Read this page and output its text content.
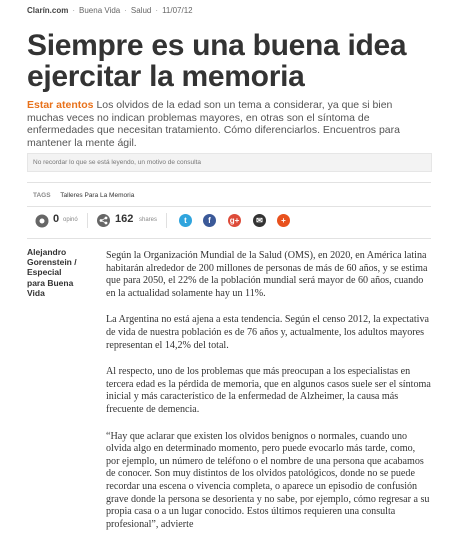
Clarín.com · Buena Vida · Salud · 11/07/12
Siempre es una buena idea ejercitar la memoria

Estar atentos Los olvidos de la edad son un tema a considerar, ya que si bien muchas veces no indican problemas mayores, en otras son el síntoma de enfermedades que necesitan tratamiento. Cómo diferenciarlos. Encuentros para mantener la mente ágil.

No recordar lo que se está leyendo, un motivo de consulta
TAGS Talleres Para La Memoria
0 opinó	162 shares	t	f	g+	✉	+

Alejandro Gorenstein / Especial para Buena Vida

Según la Organización Mundial de la Salud (OMS), en 2020, en América latina habitarán alrededor de 200 millones de personas de más de 60 años, y se estima que para 2050, el 22% de la población mundial será mayor de 60 años, cuando en la actualidad solamente hay un 11%.

La Argentina no está ajena a esta tendencia. Según el censo 2012, la expectativa de vida de nuestra población es de 76 años y, actualmente, los adultos mayores representan el 14,2% del total.

Al respecto, uno de los problemas que más preocupan a los especialistas en tercera edad es la pérdida de memoria, que en algunos casos suele ser el síntoma inicial y más característico de la enfermedad de Alzheimer, la causa más frecuente de demencia.

“Hay que aclarar que existen los olvidos benignos o normales, cuando uno olvida algo en determinado momento, pero puede evocarlo más tarde, como, por ejemplo, un número de teléfono o el nombre de una persona que acabamos de conocer. Son muy distintos de los olvidos patológicos, donde no se puede recordar una escena o vivencia completa, o aparece un episodio de confusión grave donde la persona se desorienta y no sabe, por ejemplo, cómo regresar a su propia casa o a un lugar conocido. Estos últimos requieren una consulta profesional”, advierte
